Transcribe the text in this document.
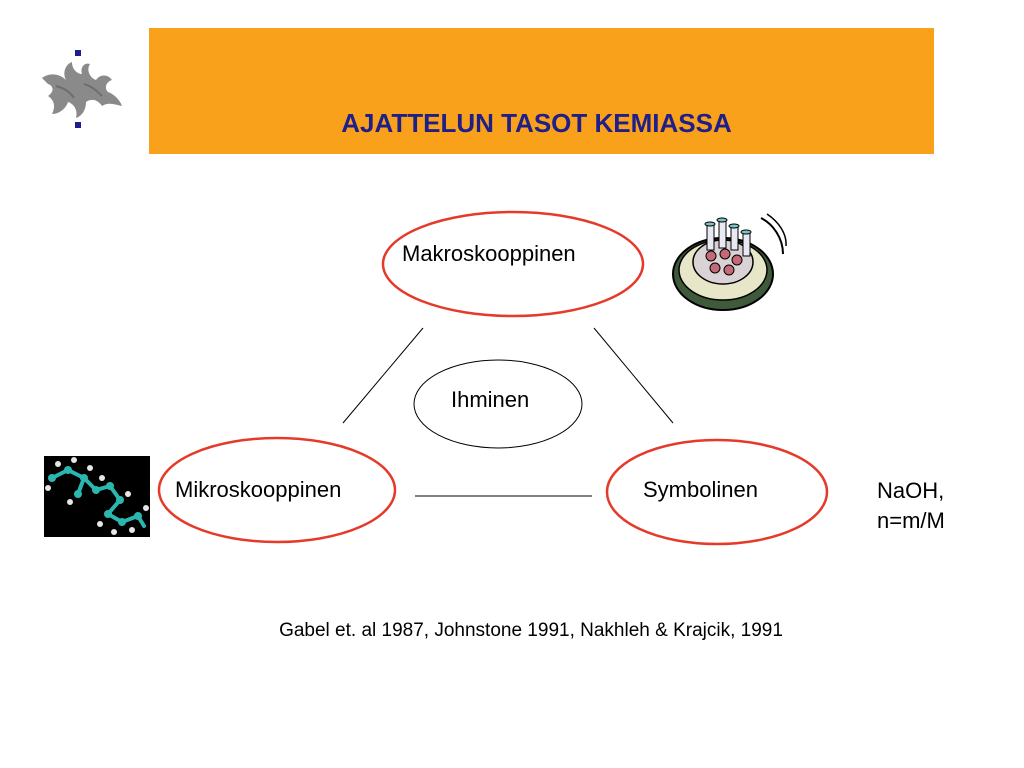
AJATTELUN TASOT KEMIASSA
Makroskooppinen
Ihminen
Mikroskooppinen	Symbolinen	NaOH,
n=m/M
Gabel et. al 1987, Johnstone 1991, Nakhleh & Krajcik, 1991
